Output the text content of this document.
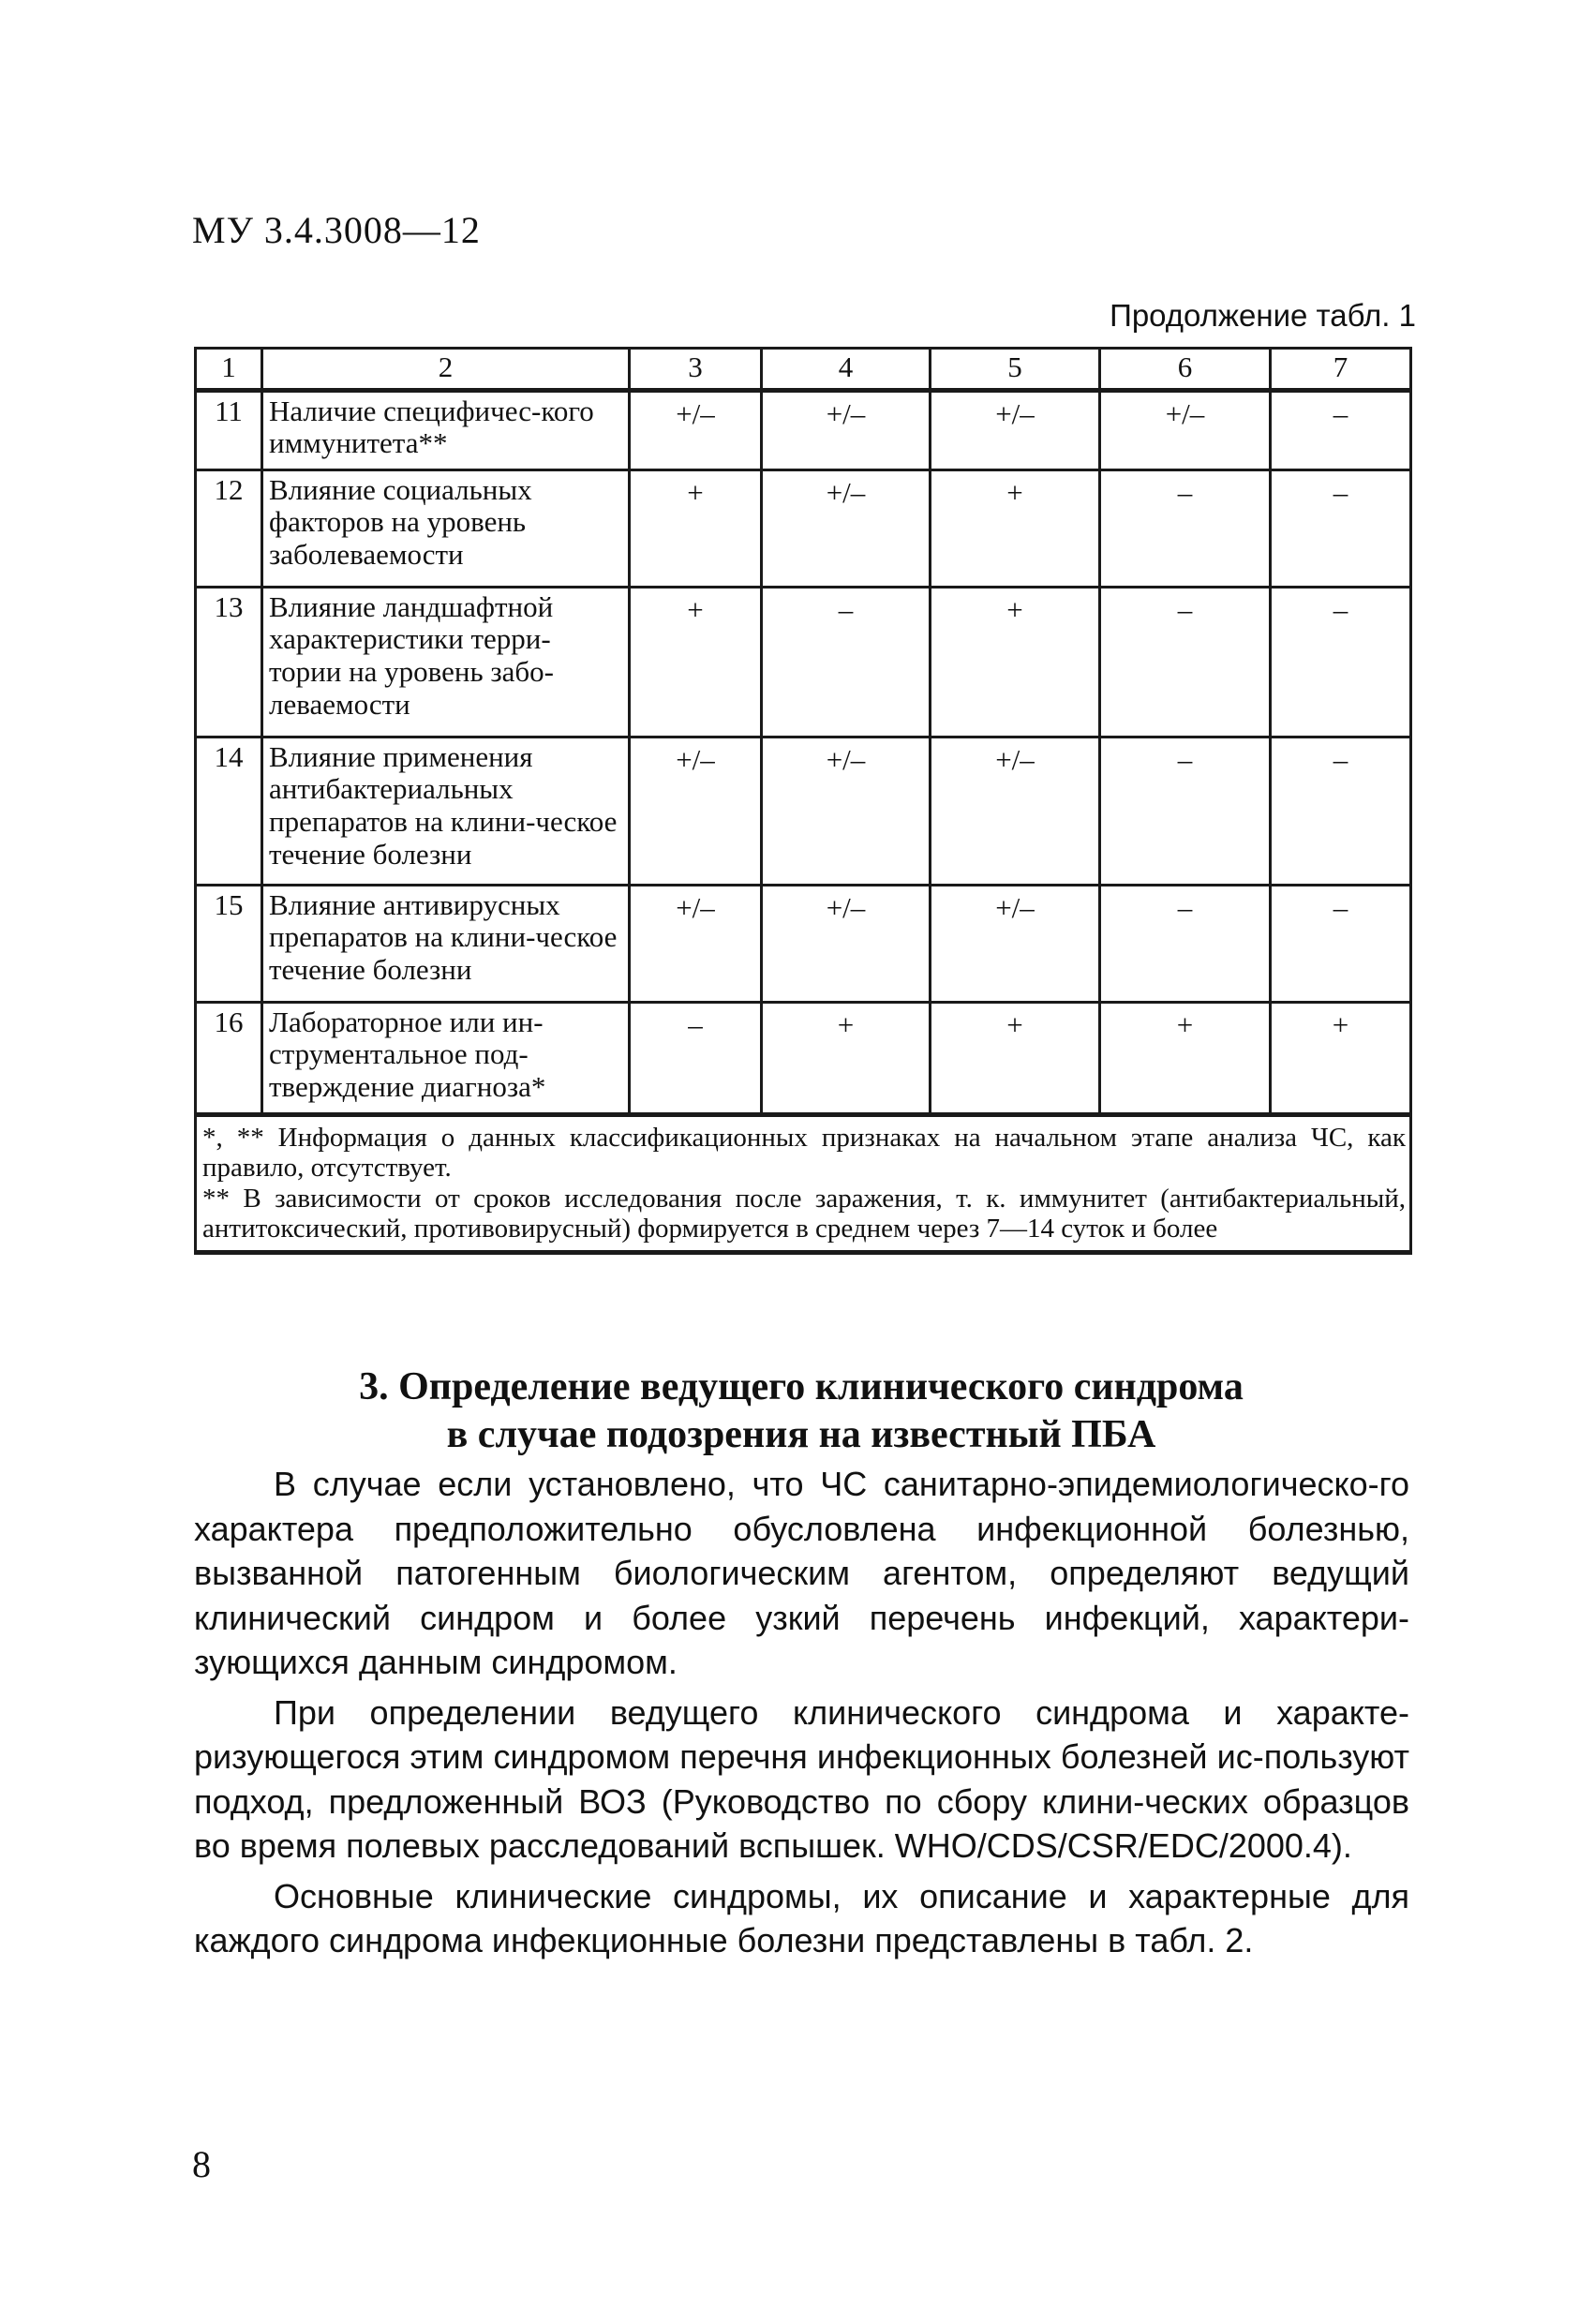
МУ 3.4.3008—12
Продолжение табл. 1
1	2	3	4	5	6	7
11	Наличие специфичес-кого иммунитета**	+/–	+/–	+/–	+/–	–
12	Влияние социальных факторов на уровень заболеваемости	+	+/–	+	–	–
13	Влияние ландшафтной характеристики терри-тории на уровень забо-леваемости	+	–	+	–	–
14	Влияние применения антибактериальных препаратов на клини-ческое течение болезни	+/–	+/–	+/–	–	–
15	Влияние антивирусных препаратов на клини-ческое течение болезни	+/–	+/–	+/–	–	–
16	Лабораторное или ин-струментальное под-тверждение диагноза*	–	+	+	+	+

*, ** Информация о данных классификационных признаках на начальном этапе анализа ЧС, как правило, отсутствует.

** В зависимости от сроков исследования после заражения, т. к. иммунитет (антибактериальный, антитоксический, противовирусный) формируется в среднем через 7—14 суток и более						

3. Определение ведущего клинического синдрома
в случае подозрения на известный ПБА

В случае если установлено, что ЧС санитарно-эпидемиологическо-го характера предположительно обусловлена инфекционной болезнью, вызванной патогенным биологическим агентом, определяют ведущий клинический синдром и более узкий перечень инфекций, характери-зующихся данным синдромом.

При определении ведущего клинического синдрома и характе-ризующегося этим синдромом перечня инфекционных болезней ис-пользуют подход, предложенный ВОЗ (Руководство по сбору клини-ческих образцов во время полевых расследований вспышек. WHO/CDS/CSR/EDC/2000.4).

Основные клинические синдромы, их описание и характерные для каждого синдрома инфекционные болезни представлены в табл. 2.

8
